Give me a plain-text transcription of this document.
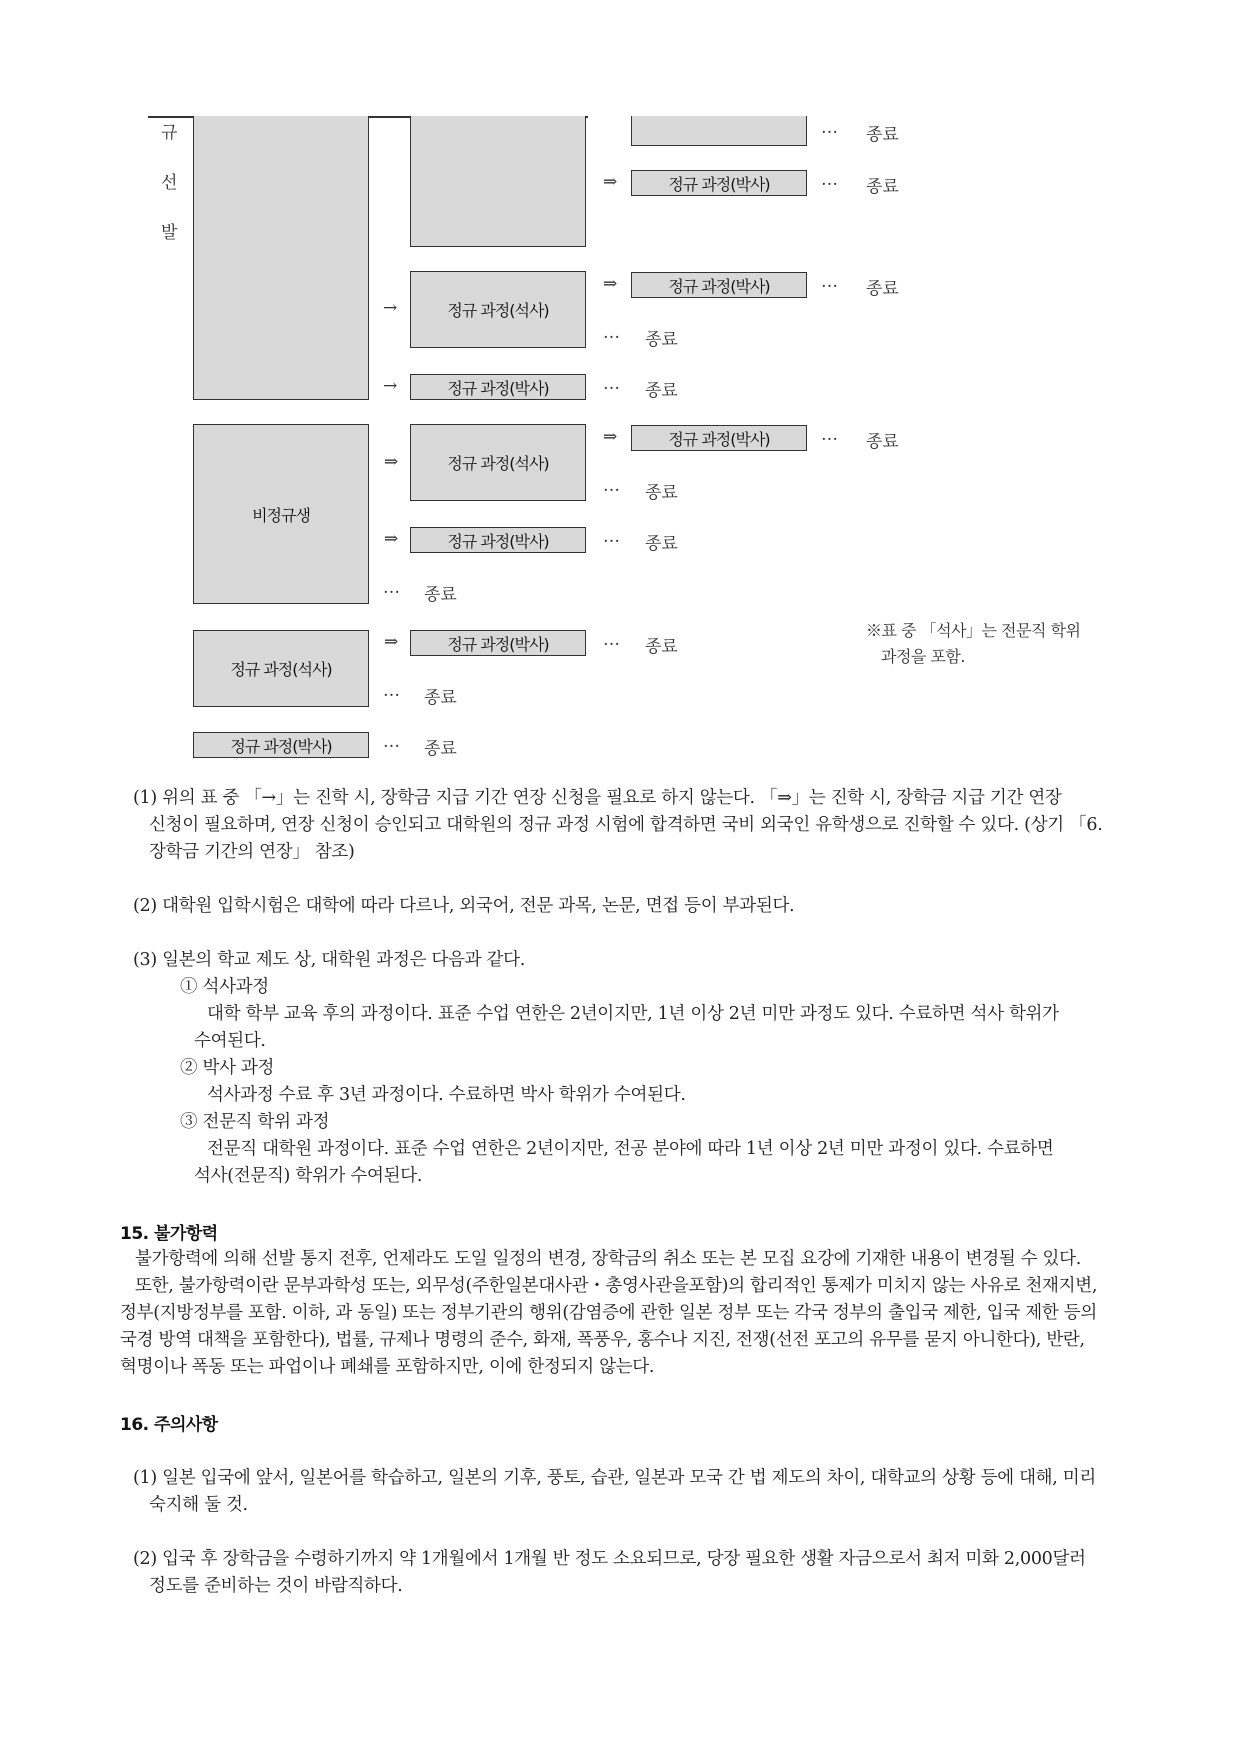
규
선
발
… 종료
⇒	정규 과정(박사)	… 종료
→	정규 과정(석사)
⇒	정규 과정(박사)	… 종료
… 종료
→	정규 과정(박사)	… 종료
비정규생
⇒	정규 과정(석사)
⇒	정규 과정(박사)	… 종료
… 종료
⇒	정규 과정(박사)	… 종료
… 종료
정규 과정(석사)
⇒	정규 과정(박사)	… 종료
… 종료
※표 중 「석사」는 전문직 학위
과정을 포함.
정규 과정(박사)	… 종료
(1) 위의 표 중 「→」는 진학 시, 장학금 지급 기간 연장 신청을 필요로 하지 않는다. 「⇒」는 진학 시, 장학금 지급 기간 연장
신청이 필요하며, 연장 신청이 승인되고 대학원의 정규 과정 시험에 합격하면 국비 외국인 유학생으로 진학할 수 있다. (상기 「6.
장학금 기간의 연장」 참조)
(2) 대학원 입학시험은 대학에 따라 다르나, 외국어, 전문 과목, 논문, 면접 등이 부과된다.
(3) 일본의 학교 제도 상, 대학원 과정은 다음과 같다.
① 석사과정
대학 학부 교육 후의 과정이다. 표준 수업 연한은 2년이지만, 1년 이상 2년 미만 과정도 있다. 수료하면 석사 학위가
수여된다.
② 박사 과정
석사과정 수료 후 3년 과정이다. 수료하면 박사 학위가 수여된다.
③ 전문직 학위 과정
전문직 대학원 과정이다. 표준 수업 연한은 2년이지만, 전공 분야에 따라 1년 이상 2년 미만 과정이 있다. 수료하면
석사(전문직) 학위가 수여된다.
15. 불가항력
불가항력에 의해 선발 통지 전후, 언제라도 도일 일정의 변경, 장학금의 취소 또는 본 모집 요강에 기재한 내용이 변경될 수 있다.
또한, 불가항력이란 문부과학성 또는, 외무성(주한일본대사관・총영사관을포함)의 합리적인 통제가 미치지 않는 사유로 천재지변,
정부(지방정부를 포함. 이하, 과 동일) 또는 정부기관의 행위(감염증에 관한 일본 정부 또는 각국 정부의 출입국 제한, 입국 제한 등의
국경 방역 대책을 포함한다), 법률, 규제나 명령의 준수, 화재, 폭풍우, 홍수나 지진, 전쟁(선전 포고의 유무를 묻지 아니한다), 반란,
혁명이나 폭동 또는 파업이나 폐쇄를 포함하지만, 이에 한정되지 않는다.
16. 주의사항
(1) 일본 입국에 앞서, 일본어를 학습하고, 일본의 기후, 풍토, 습관, 일본과 모국 간 법 제도의 차이, 대학교의 상황 등에 대해, 미리
숙지해 둘 것.
(2) 입국 후 장학금을 수령하기까지 약 1개월에서 1개월 반 정도 소요되므로, 당장 필요한 생활 자금으로서 최저 미화 2,000달러
정도를 준비하는 것이 바람직하다.
